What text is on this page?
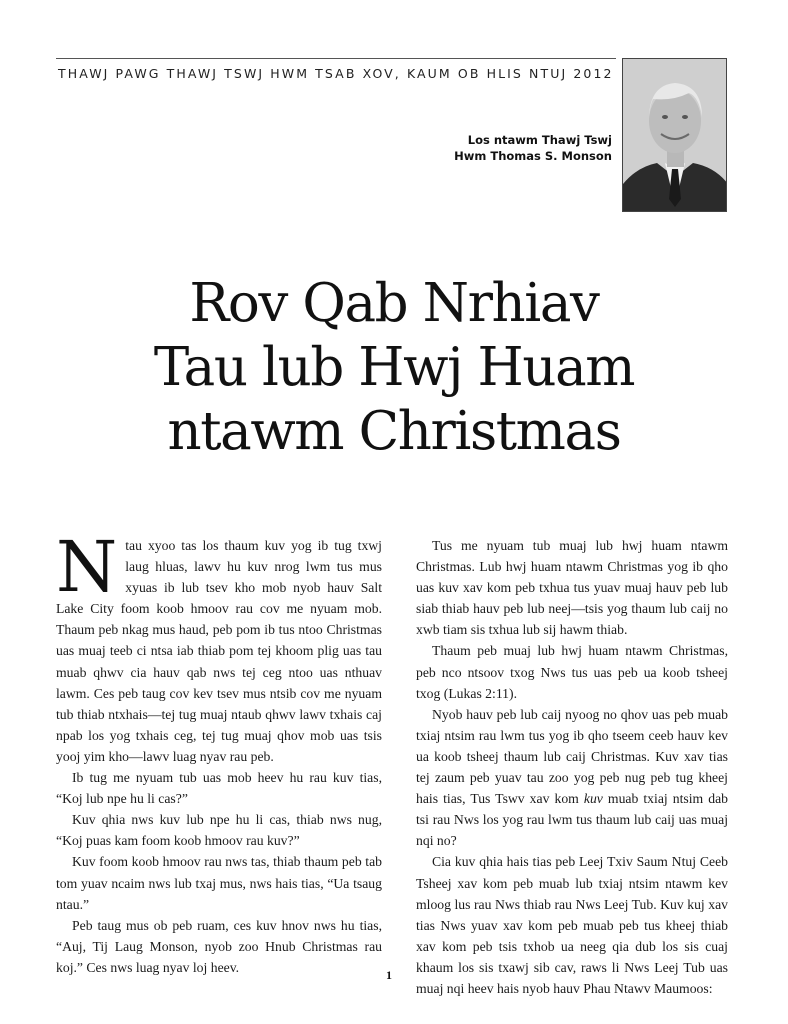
THAWJ PAWG THAWJ TSWJ HWM TSAB XOV, KAUM OB HLIS NTUJ 2012
Los ntawm Thawj Tswj
Hwm Thomas S. Monson
Rov Qab Nrhiav
Tau lub Hwj Huam
ntawm Christmas

Ntau xyoo tas los thaum kuv yog ib tug txwj laug hluas, lawv hu kuv nrog lwm tus mus xyuas ib lub tsev kho mob nyob hauv Salt Lake City foom koob hmoov rau cov me nyuam mob. Thaum peb nkag mus haud, peb pom ib tus ntoo Christmas uas muaj teeb ci ntsa iab thiab pom tej khoom plig uas tau muab qhwv cia hauv qab nws tej ceg ntoo uas nthuav lawm. Ces peb taug cov kev tsev mus ntsib cov me nyuam tub thiab ntxhais—tej tug muaj ntaub qhwv lawv txhais caj npab los yog txhais ceg, tej tug muaj qhov mob uas tsis yooj yim kho—lawv luag nyav rau peb.

Ib tug me nyuam tub uas mob heev hu rau kuv tias, “Koj lub npe hu li cas?”

Kuv qhia nws kuv lub npe hu li cas, thiab nws nug, “Koj puas kam foom koob hmoov rau kuv?”

Kuv foom koob hmoov rau nws tas, thiab thaum peb tab tom yuav ncaim nws lub txaj mus, nws hais tias, “Ua tsaug ntau.”

Peb taug mus ob peb ruam, ces kuv hnov nws hu tias, “Auj, Tij Laug Monson, nyob zoo Hnub Christmas rau koj.” Ces nws luag nyav loj heev.

Tus me nyuam tub muaj lub hwj huam ntawm Christmas. Lub hwj huam ntawm Christmas yog ib qho uas kuv xav kom peb txhua tus yuav muaj hauv peb lub siab thiab hauv peb lub neej—tsis yog thaum lub caij no xwb tiam sis txhua lub sij hawm thiab.

Thaum peb muaj lub hwj huam ntawm Christmas, peb nco ntsoov txog Nws tus uas peb ua koob tsheej txog (Lukas 2:11).

Nyob hauv peb lub caij nyoog no qhov uas peb muab txiaj ntsim rau lwm tus yog ib qho tseem ceeb hauv kev ua koob tsheej thaum lub caij Christmas. Kuv xav tias tej zaum peb yuav tau zoo yog peb nug peb tug kheej hais tias, Tus Tswv xav kom kuv muab txiaj ntsim dab tsi rau Nws los yog rau lwm tus thaum lub caij uas muaj nqi no?

Cia kuv qhia hais tias peb Leej Txiv Saum Ntuj Ceeb Tsheej xav kom peb muab lub txiaj ntsim ntawm kev mloog lus rau Nws thiab rau Nws Leej Tub. Kuv kuj xav tias Nws yuav xav kom peb muab peb tus kheej thiab xav kom peb tsis txhob ua neeg qia dub los sis cuaj khaum los sis txawj sib cav, raws li Nws Leej Tub uas muaj nqi heev hais nyob hauv Phau Ntawv Maumoos:

1
